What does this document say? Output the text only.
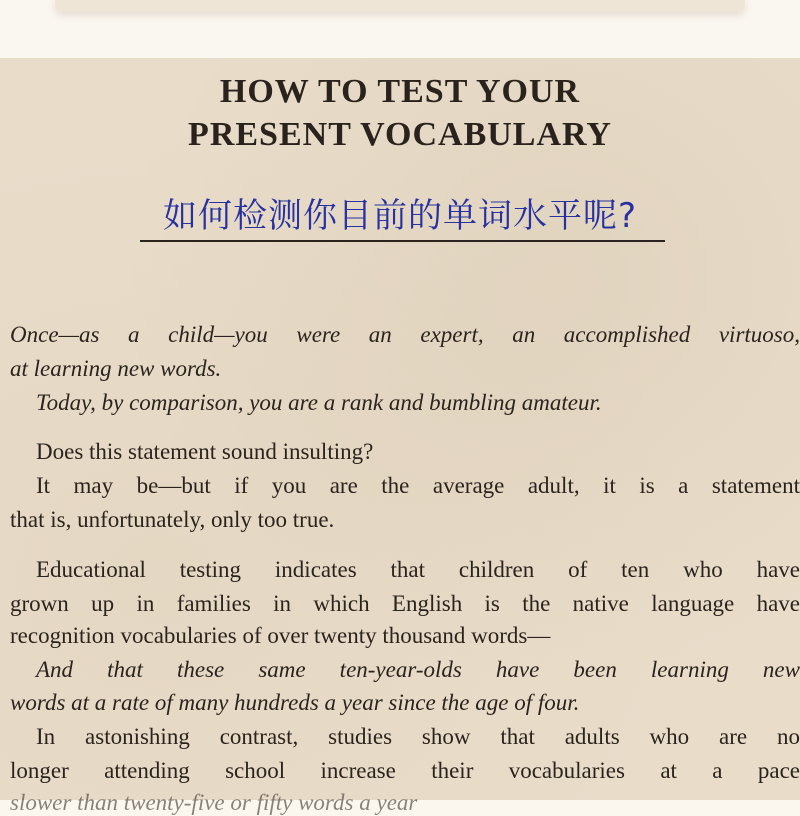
HOW TO TEST YOUR
PRESENT VOCABULARY
如何检测你目前的单词水平呢?
Once—as a child—you were an expert, an accomplished virtuoso,
at learning new words.
Today, by comparison, you are a rank and bumbling amateur.
Does this statement sound insulting?
It may be—but if you are the average adult, it is a statement
that is, unfortunately, only too true.
Educational testing indicates that children of ten who have
grown up in families in which English is the native language have
recognition vocabularies of over twenty thousand words—
And that these same ten-year-olds have been learning new
words at a rate of many hundreds a year since the age of four.
In astonishing contrast, studies show that adults who are no
longer attending school increase their vocabularies at a pace
slower than twenty-five or fifty words a year
